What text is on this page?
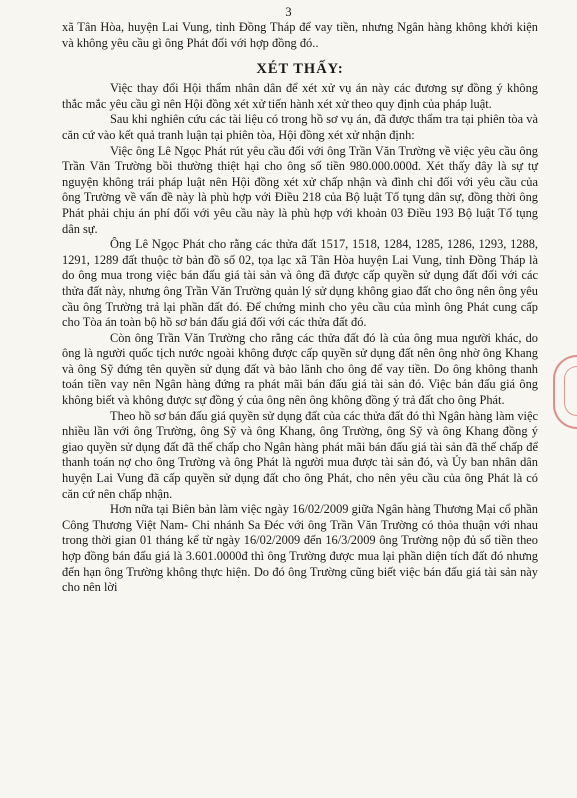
3

xã Tân Hòa, huyện Lai Vung, tỉnh Đồng Tháp để vay tiền, nhưng Ngân hàng không khởi kiện và không yêu cầu gì ông Phát đối với hợp đồng đó..

XÉT THẤY:

Việc thay đổi Hội thẩm nhân dân để xét xử vụ án này các đương sự đồng ý không thắc mắc yêu cầu gì nên Hội đồng xét xử tiến hành xét xử theo quy định của pháp luật.

Sau khi nghiên cứu các tài liệu có trong hồ sơ vụ án, đã được thẩm tra tại phiên tòa và căn cứ vào kết quả tranh luận tại phiên tòa, Hội đồng xét xử nhận định:

Việc ông Lê Ngọc Phát rút yêu cầu đối với ông Trần Văn Trường về việc yêu cầu ông Trần Văn Trường bồi thường thiệt hại cho ông số tiền 980.000.000đ. Xét thấy đây là sự tự nguyện không trái pháp luật nên Hội đồng xét xử chấp nhận và đình chỉ đối với yêu cầu của ông Trường về vấn đề này là phù hợp với Điều 218 của Bộ luật Tố tụng dân sự, đồng thời ông Phát phải chịu án phí đối với yêu cầu này là phù hợp với khoản 03 Điều 193 Bộ luật Tố tụng dân sự.

Ông Lê Ngọc Phát cho rằng các thửa đất 1517, 1518, 1284, 1285, 1286, 1293, 1288, 1291, 1289 đất thuộc tờ bản đồ số 02, tọa lạc xã Tân Hòa huyện Lai Vung, tỉnh Đồng Tháp là do ông mua trong việc bán đấu giá tài sản và ông đã được cấp quyền sử dụng đất đối với các thửa đất này, nhưng ông Trần Văn Trường quản lý sử dụng không giao đất cho ông nên ông yêu cầu ông Trường trả lại phần đất đó. Để chứng minh cho yêu cầu của mình ông Phát cung cấp cho Tòa án toàn bộ hồ sơ bán đấu giá đối với các thửa đất đó.

Còn ông Trần Văn Trường cho rằng các thửa đất đó là của ông mua người khác, do ông là người quốc tịch nước ngoài không được cấp quyền sử dụng đất nên ông nhờ ông Khang và ông Sỹ đứng tên quyền sử dụng đất và bảo lãnh cho ông để vay tiền. Do ông không thanh toán tiền vay nên Ngân hàng đứng ra phát mãi bán đấu giá tài sản đó. Việc bán đấu giá ông không biết và không được sự đồng ý của ông nên ông không đồng ý trả đất cho ông Phát.

Theo hồ sơ bán đấu giá quyền sử dụng đất của các thửa đất đó thì Ngân hàng làm việc nhiều lần với ông Trường, ông Sỹ và ông Khang, ông Trường, ông Sỹ và ông Khang đồng ý giao quyền sử dụng đất đã thế chấp cho Ngân hàng phát mãi bán đấu giá tài sản đã thế chấp để thanh toán nợ cho ông Trường và ông Phát là người mua được tài sản đó, và Ủy ban nhân dân huyện Lai Vung đã cấp quyền sử dụng đất cho ông Phát, cho nên yêu cầu của ông Phát là có căn cứ nên chấp nhận.

Hơn nữa tại Biên bản làm việc ngày 16/02/2009 giữa Ngân hàng Thương Mại cổ phần Công Thương Việt Nam- Chi nhánh Sa Đéc với ông Trần Văn Trường có thỏa thuận với nhau trong thời gian 01 tháng kể từ ngày 16/02/2009 đến 16/3/2009 ông Trường nộp đủ số tiền theo hợp đồng bán đấu giá là 3.601.0000đ thì ông Trường được mua lại phần diện tích đất đó nhưng đến hạn ông Trường không thực hiện. Do đó ông Trường cũng biết việc bán đấu giá tài sản này cho nên lời
